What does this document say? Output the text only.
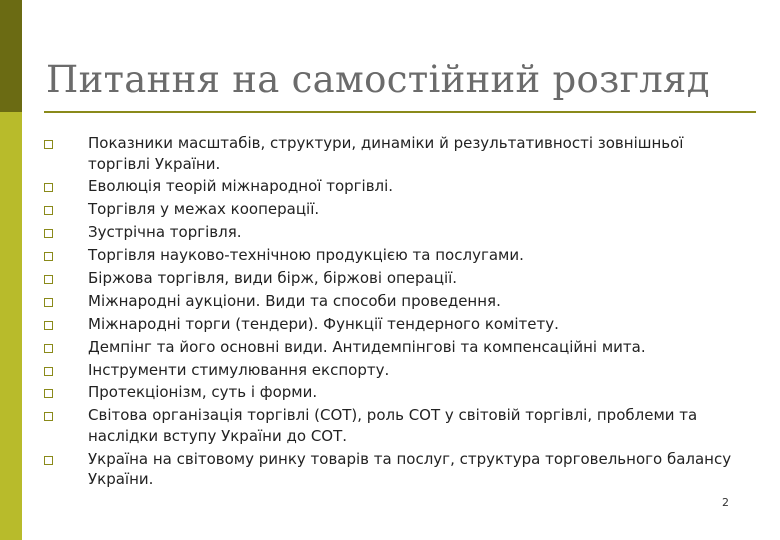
Питання на самостійний розгляд
Показники масштабів, структури, динаміки й результативності зовнішньої торгівлі України.
Еволюція теорій міжнародної торгівлі.
Торгівля у межах кооперації.
Зустрічна торгівля.
Торгівля науково-технічною продукцією та послугами.
Біржова торгівля, види бірж, біржові операції.
Міжнародні аукціони. Види та способи проведення.
Міжнародні торги (тендери). Функції тендерного комітету.
Демпінг та його основні види. Антидемпінгові та компенсаційні мита.
Інструменти стимулювання експорту.
Протекціонізм, суть і форми.
Світова організація торгівлі (СОТ), роль СОТ у світовій торгівлі, проблеми та наслідки вступу України до СОТ.
Україна на світовому ринку товарів та послуг, структура торговельного балансу України.
2
